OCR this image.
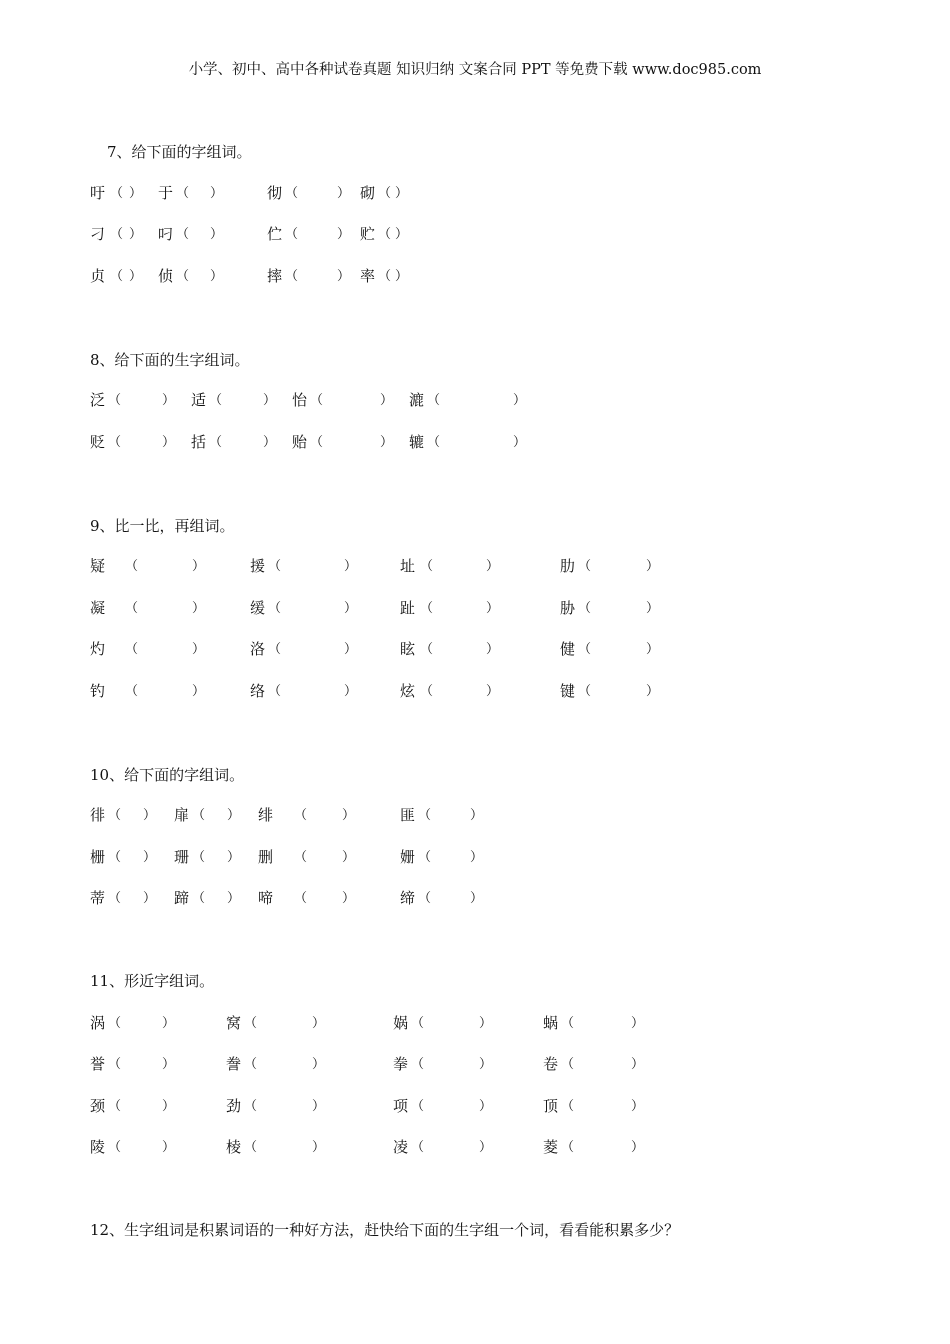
小学、初中、高中各种试卷真题 知识归纳 文案合同 PPT 等免费下载 www.doc985.com
7、给下面的字组词。
吁 （ ） 于 （ ）	彻 （	） 砌 （ ）
刁 （ ） 叼 （ ）	伫 （	） 贮 （ ）
贞 （ ） 侦 （ ）	摔 （	） 率 （ ）
8、给下面的生字组词。
泛 （	） 适 （	） 怡 （	） 漉 （	）
贬 （	） 括 （	） 贻 （	） 辘 （	）
9、比一比，再组词。
疑 （	）	援 （	）	址 （	）	肋 （	）
凝 （	）	缓 （	）	趾 （	）	胁 （	）
灼 （	）	洛 （	）	眩 （	）	健 （	）
钓 （	）	络 （	）	炫 （	）	键 （	）
10、给下面的字组词。
徘 （ ） 扉 （ ） 绯 （	）	匪 （	）
栅 （ ） 珊 （ ） 删 （	）	姗 （	）
蒂 （ ） 蹄 （ ） 啼 （	）	缔 （	）
11、形近字组词。
涡 （	）	窝 （	）	娲 （	）	蜗 （	）
誉 （	）	誊 （	）	拳 （	）	卷 （	）
颈 （	）	劲 （	）	项 （	）	顶 （	）
陵 （	）	棱 （	）	凌 （	）	菱 （	）
12、生字组词是积累词语的一种好方法，赶快给下面的生字组一个词，看看能积累多少？
